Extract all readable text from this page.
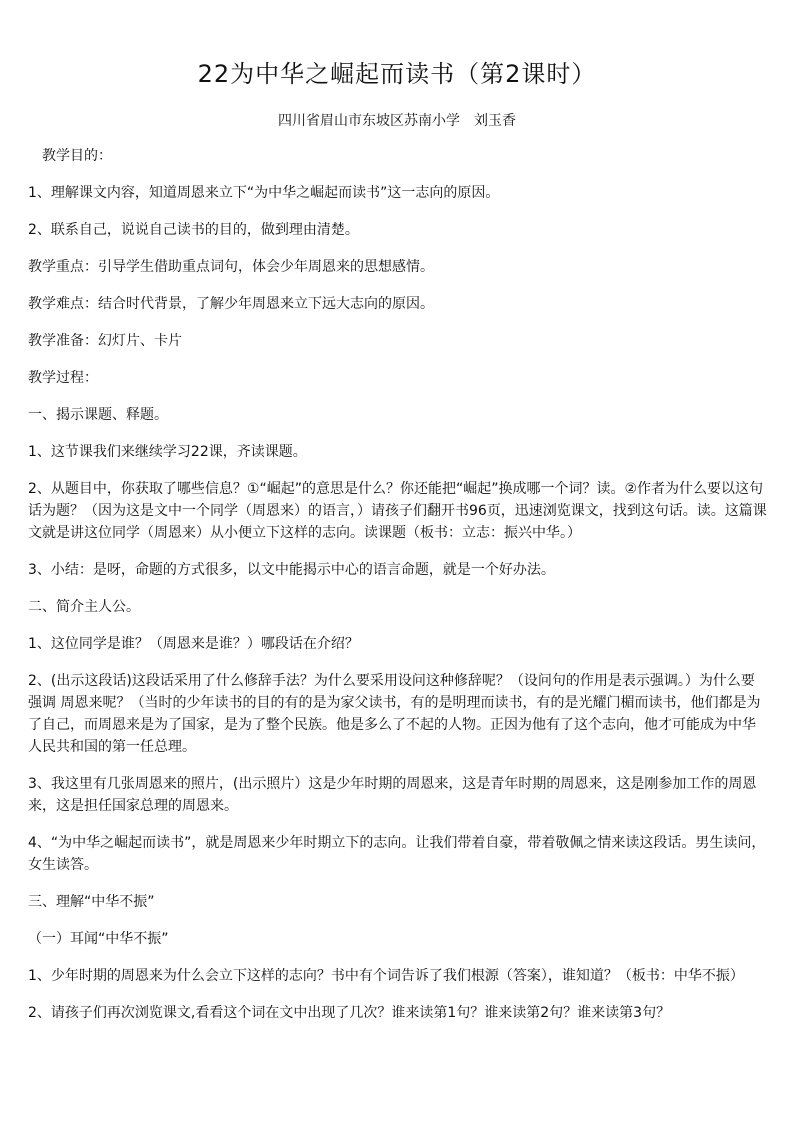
22为中华之崛起而读书（第2课时）
四川省眉山市东坡区苏南小学　刘玉香

教学目的：

1、理解课文内容，知道周恩来立下“为中华之崛起而读书”这一志向的原因。

2、联系自己，说说自己读书的目的，做到理由清楚。

教学重点：引导学生借助重点词句，体会少年周恩来的思想感情。

教学难点：结合时代背景，了解少年周恩来立下远大志向的原因。

教学准备：幻灯片、卡片

教学过程：

一、揭示课题、释题。

1、这节课我们来继续学习22课，齐读课题。

2、从题目中，你获取了哪些信息？①“崛起”的意思是什么？你还能把“崛起”换成哪一个词？读。②作者为什么要以这句话为题？（因为这是文中一个同学（周恩来）的语言，）请孩子们翻开书96页，迅速浏览课文，找到这句话。读。这篇课文就是讲这位同学（周恩来）从小便立下这样的志向。读课题（板书：立志：振兴中华。）

3、小结：是呀，命题的方式很多，以文中能揭示中心的语言命题，就是一个好办法。

二、简介主人公。

1、这位同学是谁？（周恩来是谁？）哪段话在介绍？

2、(出示这段话)这段话采用了什么修辞手法？为什么要采用设问这种修辞呢？（设问句的作用是表示强调。）为什么要强调 周恩来呢？（当时的少年读书的目的有的是为家父读书，有的是明理而读书，有的是光耀门楣而读书，他们都是为了自己，而周恩来是为了国家，是为了整个民族。他是多么了不起的人物。正因为他有了这个志向，他才可能成为中华人民共和国的第一任总理。

3、我这里有几张周恩来的照片，(出示照片）这是少年时期的周恩来，这是青年时期的周恩来，这是刚参加工作的周恩来，这是担任国家总理的周恩来。

4、“为中华之崛起而读书”，就是周恩来少年时期立下的志向。让我们带着自豪，带着敬佩之情来读这段话。男生读问，女生读答。

三、理解“中华不振”

（一）耳闻“中华不振”

1、少年时期的周恩来为什么会立下这样的志向？书中有个词告诉了我们根源（答案），谁知道？（板书：中华不振）

2、请孩子们再次浏览课文,看看这个词在文中出现了几次？谁来读第1句？谁来读第2句？谁来读第3句？
